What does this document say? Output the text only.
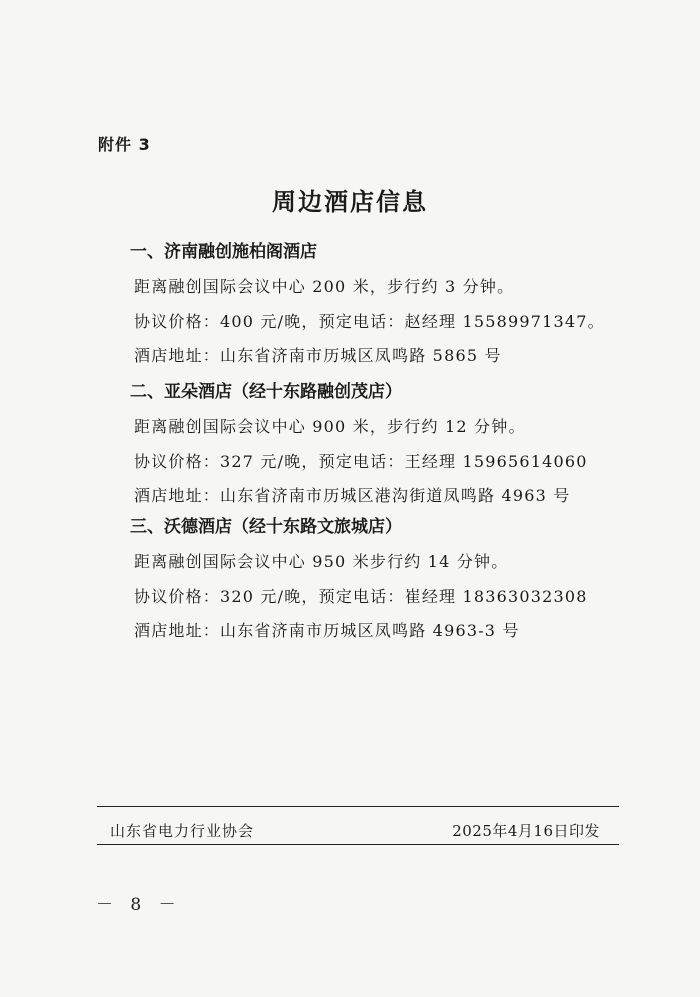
附件 3
周边酒店信息
一、济南融创施柏阁酒店
距离融创国际会议中心 200 米，步行约 3 分钟。
协议价格：400 元/晚，预定电话：赵经理 15589971347。
酒店地址：山东省济南市历城区凤鸣路 5865 号
二、亚朵酒店（经十东路融创茂店）
距离融创国际会议中心 900 米，步行约 12 分钟。
协议价格：327 元/晚，预定电话：王经理 15965614060
酒店地址：山东省济南市历城区港沟街道凤鸣路 4963 号
三、沃德酒店（经十东路文旅城店）
距离融创国际会议中心 950 米步行约 14 分钟。
协议价格：320 元/晚，预定电话：崔经理 18363032308
酒店地址：山东省济南市历城区凤鸣路 4963-3 号
山东省电力行业协会	2025年4月16日印发
－ 8 －
